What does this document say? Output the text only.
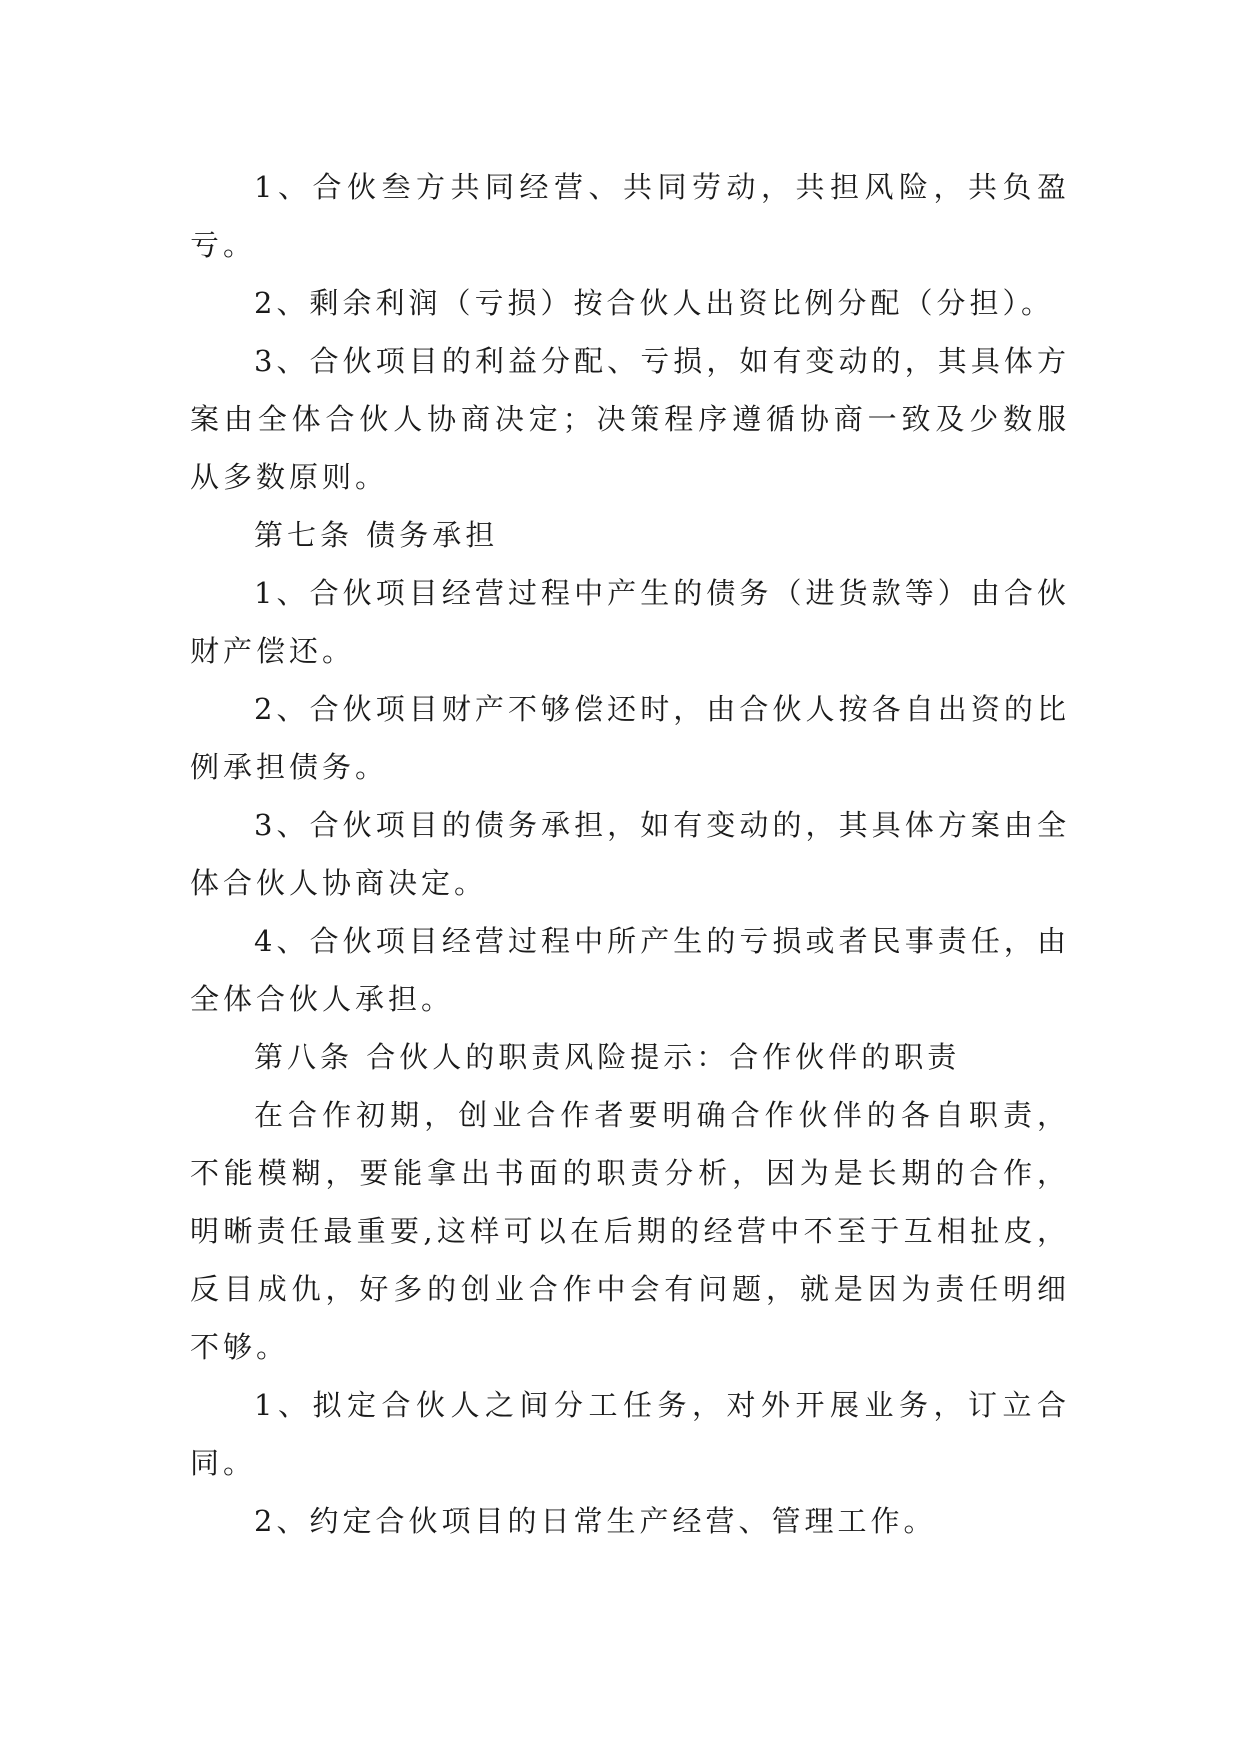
1、合伙叁方共同经营、共同劳动，共担风险，共负盈亏。

2、剩余利润（亏损）按合伙人出资比例分配（分担）。

3、合伙项目的利益分配、亏损，如有变动的，其具体方案由全体合伙人协商决定；决策程序遵循协商一致及少数服从多数原则。

第七条 债务承担

1、合伙项目经营过程中产生的债务（进货款等）由合伙财产偿还。

2、合伙项目财产不够偿还时，由合伙人按各自出资的比例承担债务。

3、合伙项目的债务承担，如有变动的，其具体方案由全体合伙人协商决定。

4、合伙项目经营过程中所产生的亏损或者民事责任，由全体合伙人承担。

第八条 合伙人的职责风险提示：合作伙伴的职责

在合作初期，创业合作者要明确合作伙伴的各自职责，不能模糊，要能拿出书面的职责分析，因为是长期的合作，明晰责任最重要,这样可以在后期的经营中不至于互相扯皮，反目成仇，好多的创业合作中会有问题，就是因为责任明细不够。

1、拟定合伙人之间分工任务，对外开展业务，订立合同。

2、约定合伙项目的日常生产经营、管理工作。
